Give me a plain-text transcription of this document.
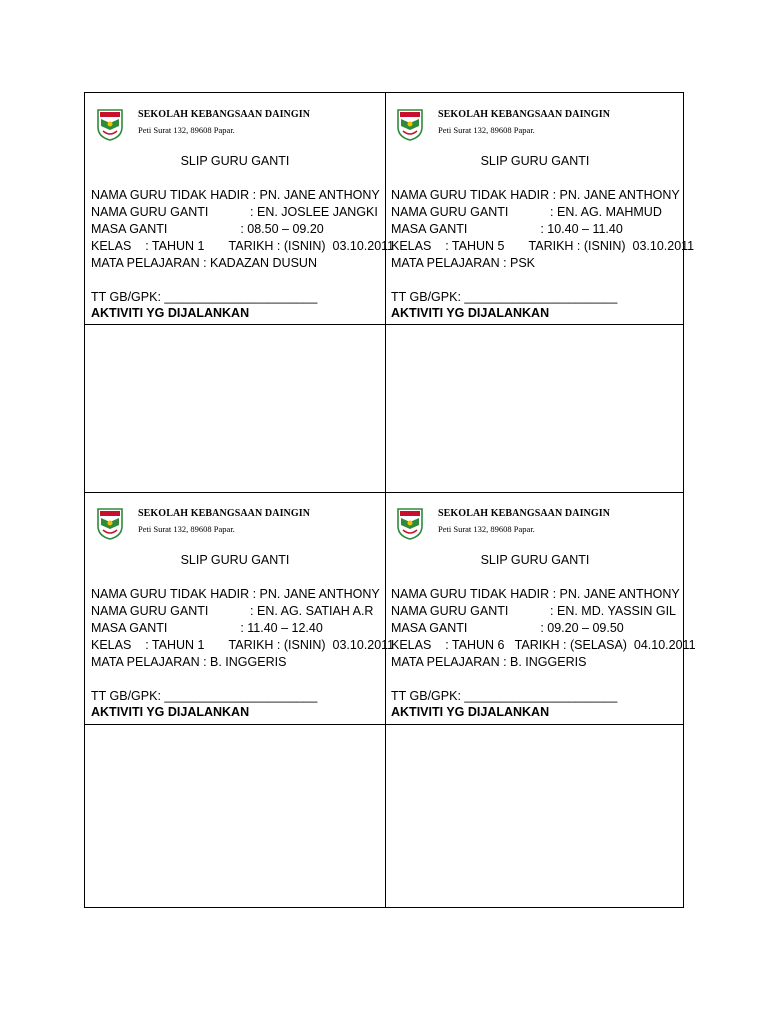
SEKOLAH KEBANGSAAN DAINGIN
Peti Surat 132, 89608 Papar.
SLIP GURU GANTI
NAMA GURU TIDAK HADIR : PN. JANE ANTHONY
NAMA GURU GANTI            : EN. JOSLEE JANGKI
MASA GANTI                     : 08.50 – 09.20
KELAS    : TAHUN 1       TARIKH : (ISNIN)  03.10.2011
MATA PELAJARAN : KADAZAN DUSUN
TT GB/GPK: ______________________
AKTIVITI YG DIJALANKAN
SEKOLAH KEBANGSAAN DAINGIN
Peti Surat 132, 89608 Papar.
SLIP GURU GANTI
NAMA GURU TIDAK HADIR : PN. JANE ANTHONY
NAMA GURU GANTI            : EN. AG. MAHMUD
MASA GANTI                     : 10.40 – 11.40
KELAS    : TAHUN 5       TARIKH : (ISNIN)  03.10.2011
MATA PELAJARAN : PSK
TT GB/GPK: ______________________
AKTIVITI YG DIJALANKAN
SEKOLAH KEBANGSAAN DAINGIN
Peti Surat 132, 89608 Papar.
SLIP GURU GANTI
NAMA GURU TIDAK HADIR : PN. JANE ANTHONY
NAMA GURU GANTI            : EN. AG. SATIAH A.R
MASA GANTI                     : 11.40 – 12.40
KELAS    : TAHUN 1       TARIKH : (ISNIN)  03.10.2011
MATA PELAJARAN : B. INGGERIS
TT GB/GPK: ______________________
AKTIVITI YG DIJALANKAN
SEKOLAH KEBANGSAAN DAINGIN
Peti Surat 132, 89608 Papar.
SLIP GURU GANTI
NAMA GURU TIDAK HADIR : PN. JANE ANTHONY
NAMA GURU GANTI            : EN. MD. YASSIN GIL
MASA GANTI                     : 09.20 – 09.50
KELAS    : TAHUN 6   TARIKH : (SELASA)  04.10.2011
MATA PELAJARAN : B. INGGERIS
TT GB/GPK: ______________________
AKTIVITI YG DIJALANKAN
